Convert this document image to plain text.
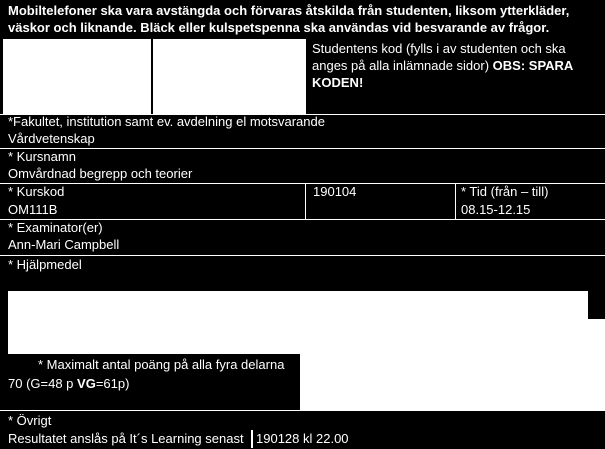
Mobiltelefoner ska vara avstängda och förvaras åtskilda från studenten, liksom ytterkläder,
väskor och liknande. Bläck eller kulspetspenna ska användas vid besvarande av frågor.
Studentens kod (fylls i av studenten och ska
anges på alla inlämnade sidor) OBS: SPARA
KODEN!
*Fakultet, institution samt ev. avdelning el motsvarande
Vårdvetenskap
* Kursnamn
Omvårdnad begrepp och teorier
* Kurskod
OM111B
190104	* Tid (från – till)
08.15-12.15
* Examinator(er)
Ann-Mari Campbell
* Hjälpmedel
* Maximalt antal poäng på alla fyra delarna
70 (G=48 p VG=61p)
* Övrigt
Resultatet anslås på It´s Learning senast 190128 kl 22.00
